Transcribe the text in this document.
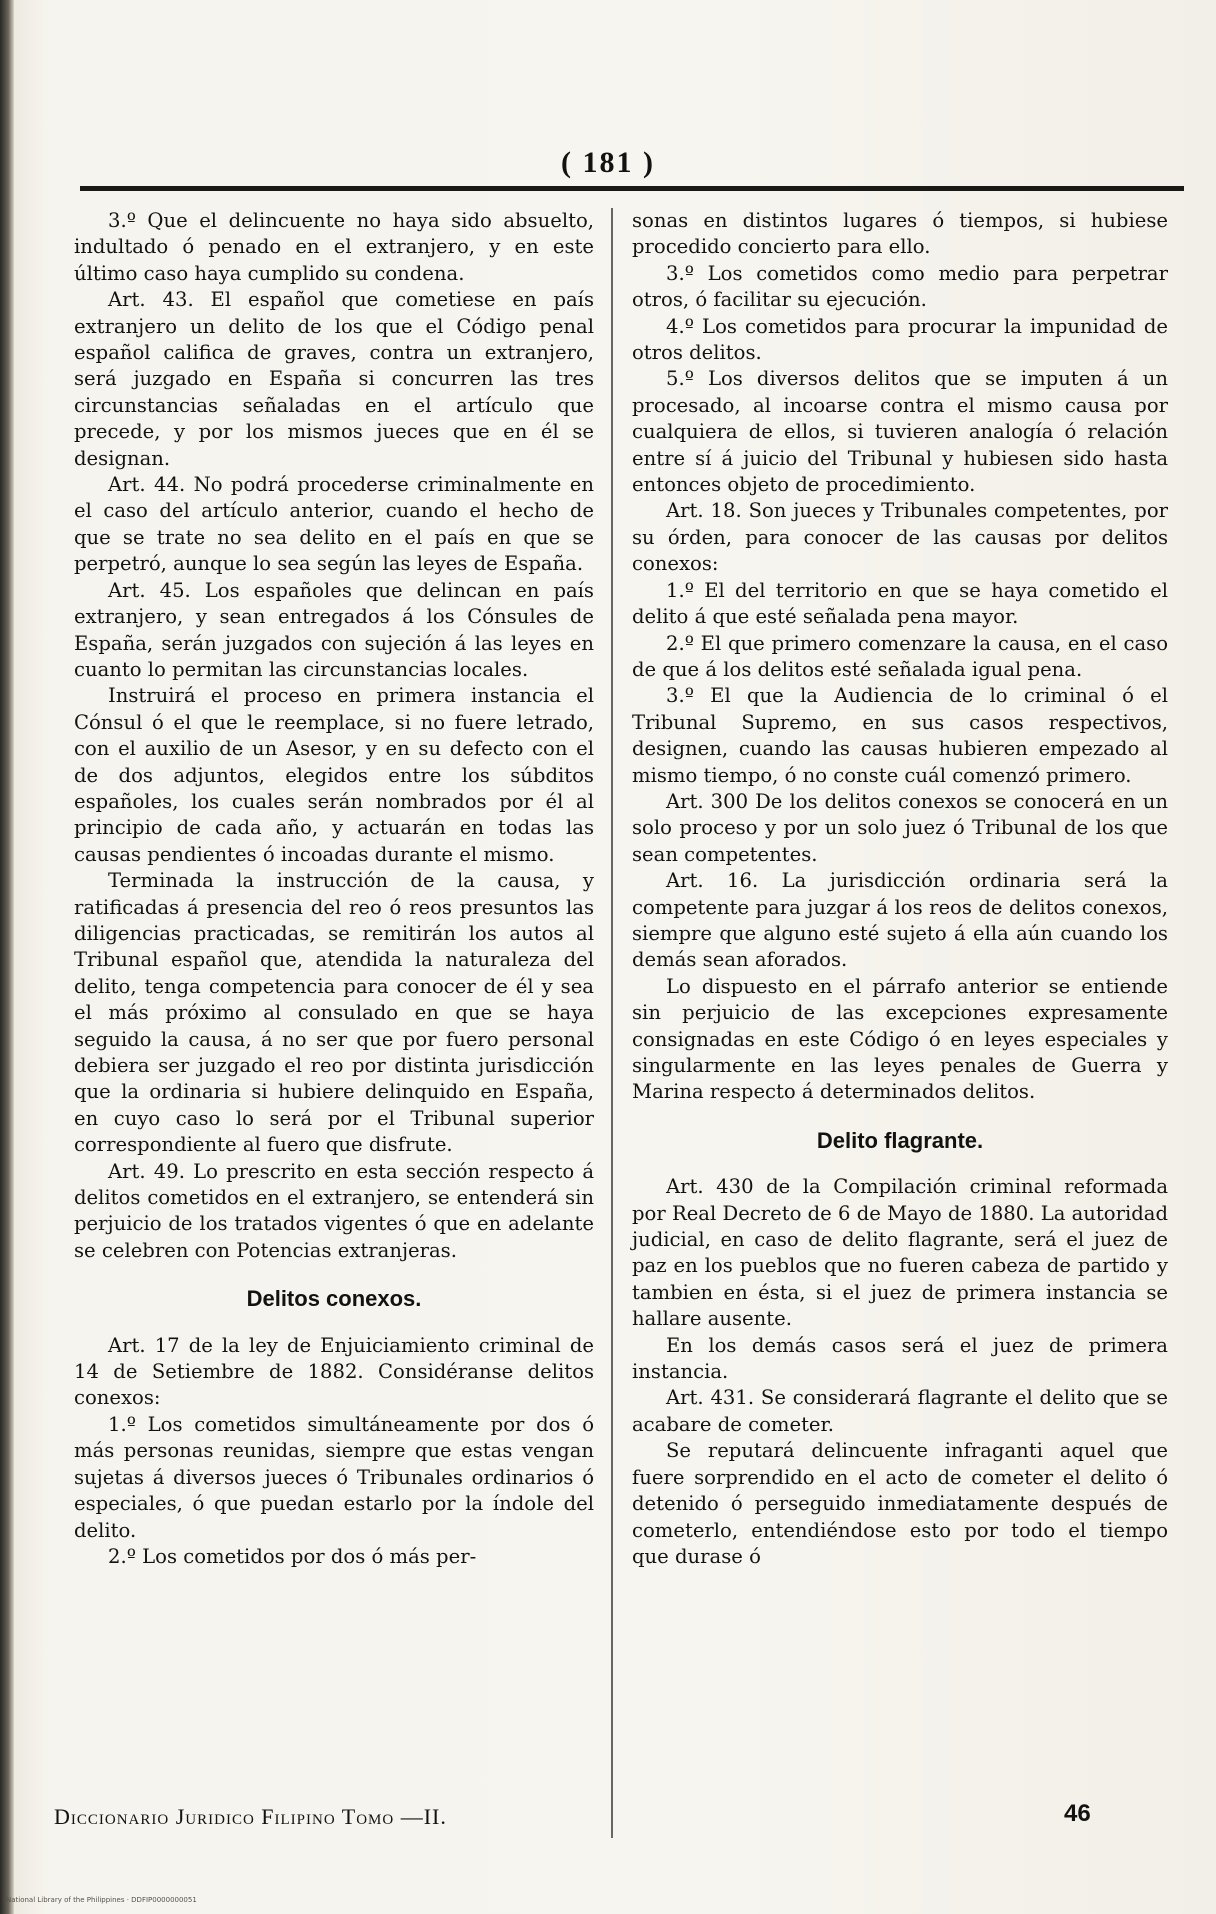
( 181 )

3.º Que el delincuente no haya sido absuelto, indultado ó penado en el extranjero, y en este último caso haya cumplido su condena.

Art. 43. El español que cometiese en país extranjero un delito de los que el Código penal español califica de graves, contra un extranjero, será juzgado en España si concurren las tres circunstancias señaladas en el artículo que precede, y por los mismos jueces que en él se designan.

Art. 44. No podrá procederse criminalmente en el caso del artículo anterior, cuando el hecho de que se trate no sea delito en el país en que se perpetró, aunque lo sea según las leyes de España.

Art. 45. Los españoles que delincan en país extranjero, y sean entregados á los Cónsules de España, serán juzgados con sujeción á las leyes en cuanto lo permitan las circunstancias locales.

Instruirá el proceso en primera instancia el Cónsul ó el que le reemplace, si no fuere letrado, con el auxilio de un Asesor, y en su defecto con el de dos adjuntos, elegidos entre los súbditos españoles, los cuales serán nombrados por él al principio de cada año, y actuarán en todas las causas pendientes ó incoadas durante el mismo.

Terminada la instrucción de la causa, y ratificadas á presencia del reo ó reos presuntos las diligencias practicadas, se remitirán los autos al Tribunal español que, atendida la naturaleza del delito, tenga competencia para conocer de él y sea el más próximo al consulado en que se haya seguido la causa, á no ser que por fuero personal debiera ser juzgado el reo por distinta jurisdicción que la ordinaria si hubiere delinquido en España, en cuyo caso lo será por el Tribunal superior correspondiente al fuero que disfrute.

Art. 49. Lo prescrito en esta sección respecto á delitos cometidos en el extranjero, se entenderá sin perjuicio de los tratados vigentes ó que en adelante se celebren con Potencias extranjeras.

Delitos conexos.

Art. 17 de la ley de Enjuiciamiento criminal de 14 de Setiembre de 1882. Considéranse delitos conexos:

1.º Los cometidos simultáneamente por dos ó más personas reunidas, siempre que estas vengan sujetas á diversos jueces ó Tribunales ordinarios ó especiales, ó que puedan estarlo por la índole del delito.

2.º Los cometidos por dos ó más per-

sonas en distintos lugares ó tiempos, si hubiese procedido concierto para ello.

3.º Los cometidos como medio para perpetrar otros, ó facilitar su ejecución.

4.º Los cometidos para procurar la impunidad de otros delitos.

5.º Los diversos delitos que se imputen á un procesado, al incoarse contra el mismo causa por cualquiera de ellos, si tuvieren analogía ó relación entre sí á juicio del Tribunal y hubiesen sido hasta entonces objeto de procedimiento.

Art. 18. Son jueces y Tribunales competentes, por su órden, para conocer de las causas por delitos conexos:

1.º El del territorio en que se haya cometido el delito á que esté señalada pena mayor.

2.º El que primero comenzare la causa, en el caso de que á los delitos esté señalada igual pena.

3.º El que la Audiencia de lo criminal ó el Tribunal Supremo, en sus casos respectivos, designen, cuando las causas hubieren empezado al mismo tiempo, ó no conste cuál comenzó primero.

Art. 300 De los delitos conexos se conocerá en un solo proceso y por un solo juez ó Tribunal de los que sean competentes.

Art. 16. La jurisdicción ordinaria será la competente para juzgar á los reos de delitos conexos, siempre que alguno esté sujeto á ella aún cuando los demás sean aforados.

Lo dispuesto en el párrafo anterior se entiende sin perjuicio de las excepciones expresamente consignadas en este Código ó en leyes especiales y singularmente en las leyes penales de Guerra y Marina respecto á determinados delitos.

Delito flagrante.

Art. 430 de la Compilación criminal reformada por Real Decreto de 6 de Mayo de 1880. La autoridad judicial, en caso de delito flagrante, será el juez de paz en los pueblos que no fueren cabeza de partido y tambien en ésta, si el juez de primera instancia se hallare ausente.

En los demás casos será el juez de primera instancia.

Art. 431. Se considerará flagrante el delito que se acabare de cometer.

Se reputará delincuente infraganti aquel que fuere sorprendido en el acto de cometer el delito ó detenido ó perseguido inmediatamente después de cometerlo, entendiéndose esto por todo el tiempo que durase ó

Diccionario Juridico Filipino Tomo —II.	46
National Library of the Philippines · DDFIP0000000051
